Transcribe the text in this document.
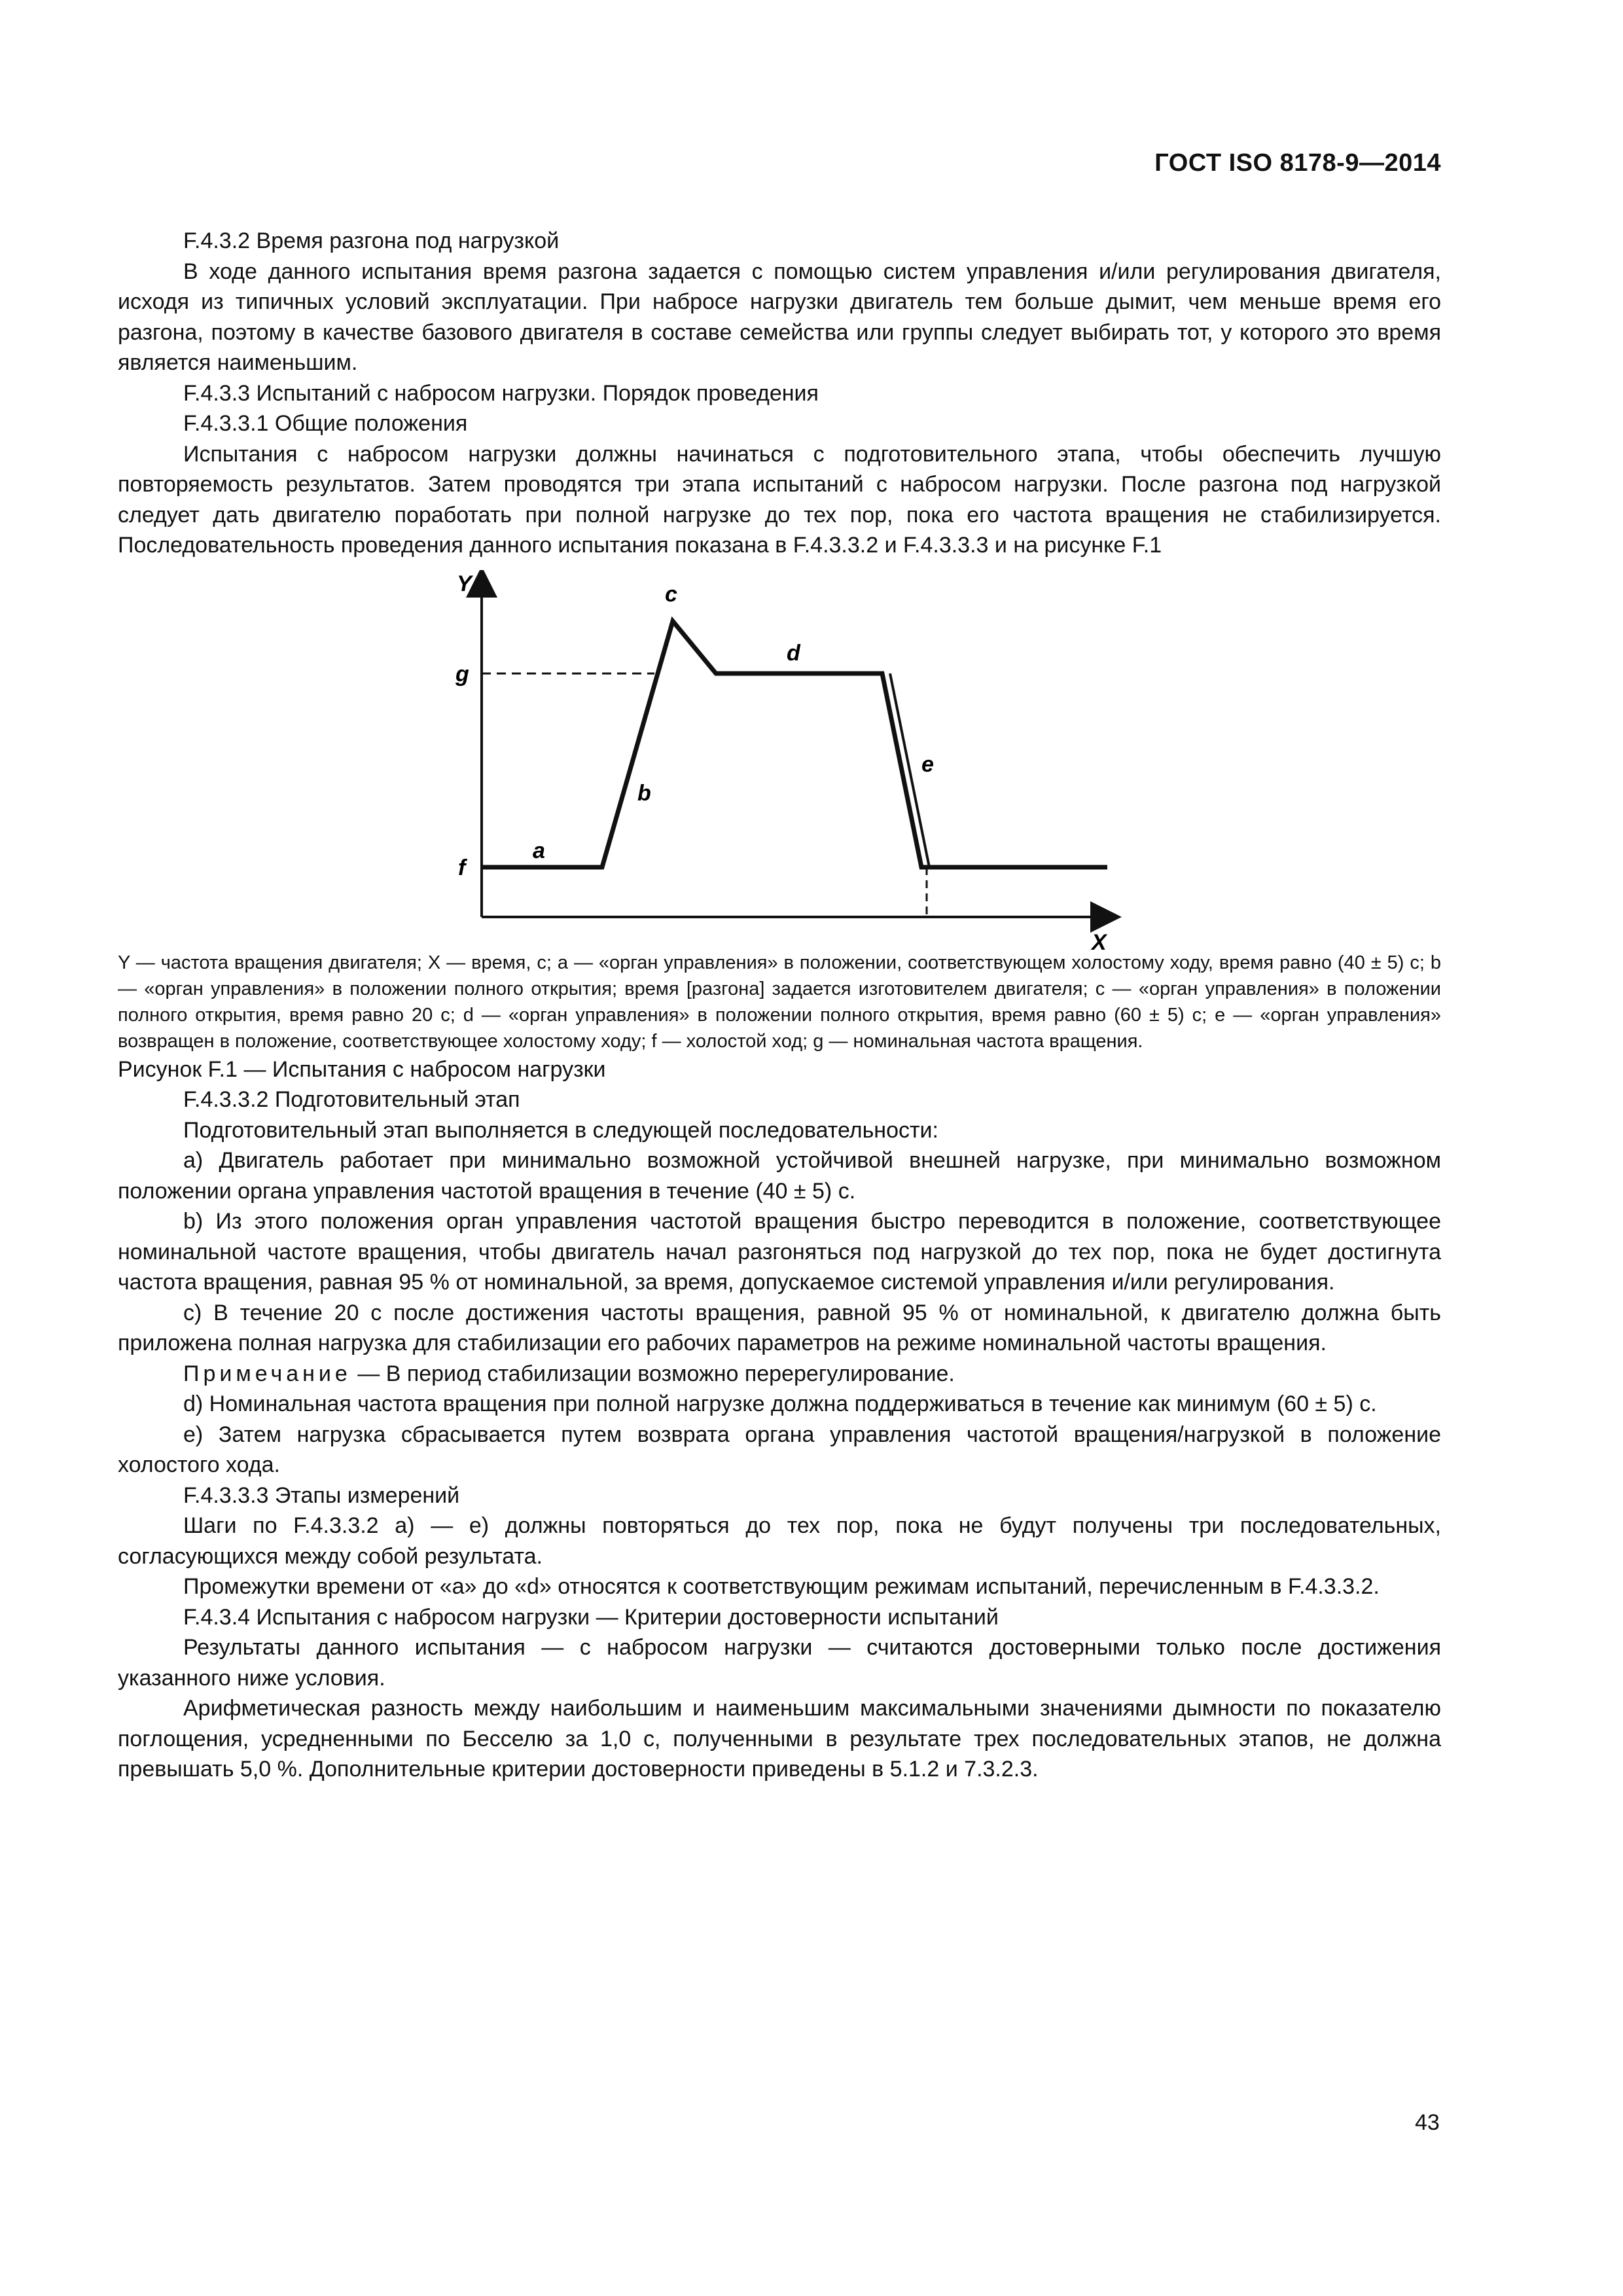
ГОСТ ISO 8178-9—2014

F.4.3.2 Время разгона под нагрузкой

В ходе данного испытания время разгона задается с помощью систем управления и/или регулирования двигателя, исходя из типичных условий эксплуатации. При набросе нагрузки двигатель тем больше дымит, чем меньше время его разгона, поэтому в качестве базового двигателя в составе семейства или группы следует выбирать тот, у которого это время является наименьшим.

F.4.3.3 Испытаний с набросом нагрузки. Порядок проведения

F.4.3.3.1 Общие положения

Испытания с набросом нагрузки должны начинаться с подготовительного этапа, чтобы обеспечить лучшую повторяемость результатов. Затем проводятся три этапа испытаний с набросом нагрузки. После разгона под нагрузкой следует дать двигателю поработать при полной нагрузке до тех пор, пока его частота вращения не стабилизируется. Последовательность проведения данного испытания показана в F.4.3.3.2 и F.4.3.3.3 и на рисунке F.1

Y
X
g
f
a
b
c
d
e

Y — частота вращения двигателя; X — время, с; a — «орган управления» в положении, соответствующем холостому ходу, время равно (40 ± 5) с; b — «орган управления» в положении полного открытия; время [разгона] задается изготовителем двигателя; c — «орган управления» в положении полного открытия, время равно 20 с; d — «орган управления» в положении полного открытия, время равно (60 ± 5) с; e — «орган управления» возвращен в положение, соответствующее холостому ходу; f — холостой ход; g — номинальная частота вращения.

Рисунок F.1 — Испытания с набросом нагрузки

F.4.3.3.2 Подготовительный этап

Подготовительный этап выполняется в следующей последовательности:

а) Двигатель работает при минимально возможной устойчивой внешней нагрузке, при минимально возможном положении органа управления частотой вращения в течение (40 ± 5) с.

b) Из этого положения орган управления частотой вращения быстро переводится в положение, соответствующее номинальной частоте вращения, чтобы двигатель начал разгоняться под нагрузкой до тех пор, пока не будет достигнута частота вращения, равная 95 % от номинальной, за время, допускаемое системой управления и/или регулирования.

с) В течение 20 с после достижения частоты вращения, равной 95 % от номинальной, к двигателю должна быть приложена полная нагрузка для стабилизации его рабочих параметров на режиме номинальной частоты вращения.

Примечание — В период стабилизации возможно перерегулирование.

d) Номинальная частота вращения при полной нагрузке должна поддерживаться в течение как минимум (60 ± 5) с.

е) Затем нагрузка сбрасывается путем возврата органа управления частотой вращения/нагрузкой в положение холостого хода.

F.4.3.3.3 Этапы измерений

Шаги по F.4.3.3.2 а) — е) должны повторяться до тех пор, пока не будут получены три последовательных, согласующихся между собой результата.

Промежутки времени от «а» до «d» относятся к соответствующим режимам испытаний, перечисленным в F.4.3.3.2.

F.4.3.4 Испытания с набросом нагрузки — Критерии достоверности испытаний

Результаты данного испытания — с набросом нагрузки — считаются достоверными только после достижения указанного ниже условия.

Арифметическая разность между наибольшим и наименьшим максимальными значениями дымности по показателю поглощения, усредненными по Бесселю за 1,0 с, полученными в результате трех последовательных этапов, не должна превышать 5,0 %. Дополнительные критерии достоверности приведены в 5.1.2 и 7.3.2.3.

43
